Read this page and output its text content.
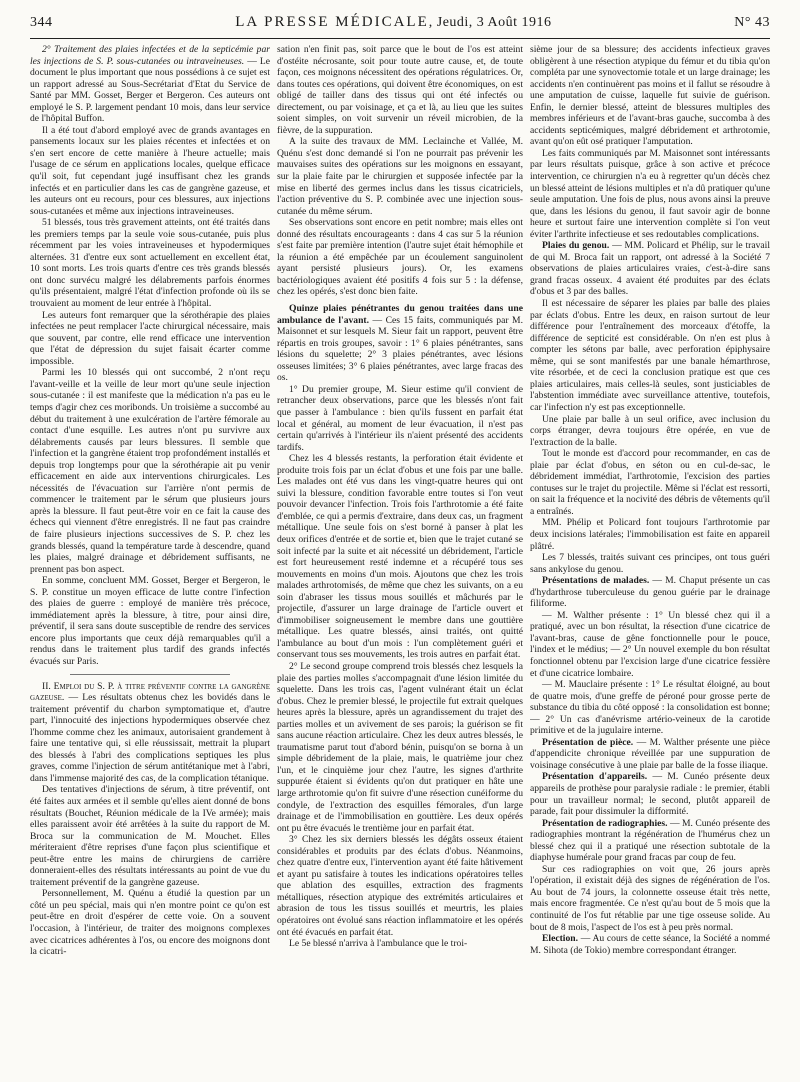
344	LA PRESSE MÉDICALE, Jeudi, 3 Août 1916	N° 43

2° Traitement des plaies infectées et de la septicémie par les injections de S. P. sous-cutanées ou intraveineuses. — Le document le plus important que nous possédions à ce sujet est un rapport adressé au Sous-Secrétariat d'Etat du Service de Santé par MM. Gosset, Berger et Bergeron. Ces auteurs ont employé le S. P. largement pendant 10 mois, dans leur service de l'hôpital Buffon.

Il a été tout d'abord employé avec de grands avantages en pansements locaux sur les plaies récentes et infectées et on s'en sert encore de cette manière à l'heure actuelle; mais l'usage de ce sérum en applications locales, quelque efficace qu'il soit, fut cependant jugé insuffisant chez les grands infectés et en particulier dans les cas de gangrène gazeuse, et les auteurs ont eu recours, pour ces blessures, aux injections sous-cutanées et même aux injections intraveineuses.

51 blessés, tous très gravement atteints, ont été traités dans les premiers temps par la seule voie sous-cutanée, puis plus récemment par les voies intraveineuses et hypodermiques alternées. 31 d'entre eux sont actuellement en excellent état, 10 sont morts. Les trois quarts d'entre ces très grands blessés ont donc survécu malgré les délabrements parfois énormes qu'ils présentaient, malgré l'état d'infection profonde où ils se trouvaient au moment de leur entrée à l'hôpital.

Les auteurs font remarquer que la sérothérapie des plaies infectées ne peut remplacer l'acte chirurgical nécessaire, mais que souvent, par contre, elle rend efficace une intervention que l'état de dépression du sujet faisait écarter comme impossible.

Parmi les 10 blessés qui ont succombé, 2 n'ont reçu l'avant-veille et la veille de leur mort qu'une seule injection sous-cutanée : il est manifeste que la médication n'a pas eu le temps d'agir chez ces moribonds. Un troisième a succombé au début du traitement à une exulcération de l'artère fémorale au contact d'une esquille. Les autres n'ont pu survivre aux délabrements causés par leurs blessures. Il semble que l'infection et la gangrène étaient trop profondément installés et depuis trop longtemps pour que la sérothérapie ait pu venir efficacement en aide aux interventions chirurgicales. Les nécessités de l'évacuation sur l'arrière n'ont permis de commencer le traitement par le sérum que plusieurs jours après la blessure. Il faut peut-être voir en ce fait la cause des échecs qui viennent d'être enregistrés. Il ne faut pas craindre de faire plusieurs injections successives de S. P. chez les grands blessés, quand la température tarde à descendre, quand les plaies, malgré drainage et débridement suffisants, ne prennent pas bon aspect.

En somme, concluent MM. Gosset, Berger et Bergeron, le S. P. constitue un moyen efficace de lutte contre l'infection des plaies de guerre : employé de manière très précoce, immédiatement après la blessure, à titre, pour ainsi dire, préventif, il sera sans doute susceptible de rendre des services encore plus importants que ceux déjà remarquables qu'il a rendus dans le traitement plus tardif des grands infectés évacués sur Paris.

II. Emploi du S. P. à titre préventif contre la gangrène gazeuse. — Les résultats obtenus chez les bovidés dans le traitement préventif du charbon symptomatique et, d'autre part, l'innocuité des injections hypodermiques observée chez l'homme comme chez les animaux, autorisaient grandement à faire une tentative qui, si elle réussissait, mettrait la plupart des blessés à l'abri des complications septiques les plus graves, comme l'injection de sérum antitétanique met à l'abri, dans l'immense majorité des cas, de la complication tétanique.

Des tentatives d'injections de sérum, à titre préventif, ont été faites aux armées et il semble qu'elles aient donné de bons résultats (Bouchet, Réunion médicale de la IVe armée); mais elles paraissent avoir été arrêtées à la suite du rapport de M. Broca sur la communication de M. Mouchet. Elles mériteraient d'être reprises d'une façon plus scientifique et peut-être entre les mains de chirurgiens de carrière donneraient-elles des résultats intéressants au point de vue du traitement préventif de la gangrène gazeuse.

Personnellement, M. Quénu a étudié la question par un côté un peu spécial, mais qui n'en montre point ce qu'on est peut-être en droit d'espérer de cette voie. On a souvent l'occasion, à l'intérieur, de traiter des moignons complexes avec cicatrices adhérentes à l'os, ou encore des moignons dont la cicatri-

sation n'en finit pas, soit parce que le bout de l'os est atteint d'ostéite nécrosante, soit pour toute autre cause, et, de toute façon, ces moignons nécessitent des opérations régulatrices. Or, dans toutes ces opérations, qui doivent être économiques, on est obligé de tailler dans des tissus qui ont été infectés ou directement, ou par voisinage, et ça et là, au lieu que les suites soient simples, on voit survenir un réveil microbien, de la fièvre, de la suppuration.

A la suite des travaux de MM. Leclainche et Vallée, M. Quénu s'est donc demandé si l'on ne pourrait pas prévenir les mauvaises suites des opérations sur les moignons en essayant, sur la plaie faite par le chirurgien et supposée infectée par la mise en liberté des germes inclus dans les tissus cicatriciels, l'action préventive du S. P. combinée avec une injection sous-cutanée du même sérum.

Ses observations sont encore en petit nombre; mais elles ont donné des résultats encourageants : dans 4 cas sur 5 la réunion s'est faite par première intention (l'autre sujet était hémophile et la réunion a été empêchée par un écoulement sanguinolent ayant persisté plusieurs jours). Or, les examens bactériologiques avaient été positifs 4 fois sur 5 : la défense, chez les opérés, s'est donc bien faite.

Quinze plaies pénétrantes du genou traitées dans une ambulance de l'avant. — Ces 15 faits, communiqués par M. Maisonnet et sur lesquels M. Sieur fait un rapport, peuvent être répartis en trois groupes, savoir : 1° 6 plaies pénétrantes, sans lésions du squelette; 2° 3 plaies pénétrantes, avec lésions osseuses limitées; 3° 6 plaies pénétrantes, avec large fracas des os.

1° Du premier groupe, M. Sieur estime qu'il convient de retrancher deux observations, parce que les blessés n'ont fait que passer à l'ambulance : bien qu'ils fussent en parfait état local et général, au moment de leur évacuation, il n'est pas certain qu'arrivés à l'intérieur ils n'aient présenté des accidents tardifs.

Chez les 4 blessés restants, la perforation était évidente et produite trois fois par un éclat d'obus et une fois par une balle. Les malades ont été vus dans les vingt-quatre heures qui ont suivi la blessure, condition favorable entre toutes si l'on veut pouvoir devancer l'infection. Trois fois l'arthrotomie a été faite d'emblée, ce qui a permis d'extraire, dans deux cas, un fragment métallique. Une seule fois on s'est borné à panser à plat les deux orifices d'entrée et de sortie et, bien que le trajet cutané se soit infecté par la suite et ait nécessité un débridement, l'article est fort heureusement resté indemne et a récupéré tous ses mouvements en moins d'un mois. Ajoutons que chez les trois malades arthrotomisés, de même que chez les suivants, on a eu soin d'abraser les tissus mous souillés et mâchurés par le projectile, d'assurer un large drainage de l'article ouvert et d'immobiliser soigneusement le membre dans une gouttière métallique. Les quatre blessés, ainsi traités, ont quitté l'ambulance au bout d'un mois : l'un complètement guéri et conservant tous ses mouvements, les trois autres en parfait état.

2° Le second groupe comprend trois blessés chez lesquels la plaie des parties molles s'accompagnait d'une lésion limitée du squelette. Dans les trois cas, l'agent vulnérant était un éclat d'obus. Chez le premier blessé, le projectile fut extrait quelques heures après la blessure, après un agrandissement du trajet des parties molles et un avivement de ses parois; la guérison se fit sans aucune réaction articulaire. Chez les deux autres blessés, le traumatisme parut tout d'abord bénin, puisqu'on se borna à un simple débridement de la plaie, mais, le quatrième jour chez l'un, et le cinquième jour chez l'autre, les signes d'arthrite suppurée étaient si évidents qu'on dut pratiquer en hâte une large arthrotomie qu'on fit suivre d'une résection cunéiforme du condyle, de l'extraction des esquilles fémorales, d'un large drainage et de l'immobilisation en gouttière. Les deux opérés ont pu être évacués le trentième jour en parfait état.

3° Chez les six derniers blessés les dégâts osseux étaient considérables et produits par des éclats d'obus. Néanmoins, chez quatre d'entre eux, l'intervention ayant été faite hâtivement et ayant pu satisfaire à toutes les indications opératoires telles que ablation des esquilles, extraction des fragments métalliques, résection atypique des extrémités articulaires et abrasion de tous les tissus souillés et meurtris, les plaies opératoires ont évolué sans réaction inflammatoire et les opérés ont été évacués en parfait état.

Le 5e blessé n'arriva à l'ambulance que le troi-

sième jour de sa blessure; des accidents infectieux graves obligèrent à une résection atypique du fémur et du tibia qu'on compléta par une synovectomie totale et un large drainage; les accidents n'en continuèrent pas moins et il fallut se résoudre à une amputation de cuisse, laquelle fut suivie de guérison. Enfin, le dernier blessé, atteint de blessures multiples des membres inférieurs et de l'avant-bras gauche, succomba à des accidents septicémiques, malgré débridement et arthrotomie, avant qu'on eût osé pratiquer l'amputation.

Les faits communiqués par M. Maisonnet sont intéressants par leurs résultats puisque, grâce à son active et précoce intervention, ce chirurgien n'a eu à regretter qu'un décès chez un blessé atteint de lésions multiples et n'a dû pratiquer qu'une seule amputation. Une fois de plus, nous avons ainsi la preuve que, dans les lésions du genou, il faut savoir agir de bonne heure et surtout faire une intervention complète si l'on veut éviter l'arthrite infectieuse et ses redoutables complications.

Plaies du genou. — MM. Policard et Phélip, sur le travail de qui M. Broca fait un rapport, ont adressé à la Société 7 observations de plaies articulaires vraies, c'est-à-dire sans grand fracas osseux. 4 avaient été produites par des éclats d'obus et 3 par des balles.

Il est nécessaire de séparer les plaies par balle des plaies par éclats d'obus. Entre les deux, en raison surtout de leur différence pour l'entraînement des morceaux d'étoffe, la différence de septicité est considérable. On n'en est plus à compter les sétons par balle, avec perforation épiphysaire même, qui se sont manifestés par une banale hémarthrose, vite résorbée, et de ceci la conclusion pratique est que ces plaies articulaires, mais celles-là seules, sont justiciables de l'abstention immédiate avec surveillance attentive, toutefois, car l'infection n'y est pas exceptionnelle.

Une plaie par balle à un seul orifice, avec inclusion du corps étranger, devra toujours être opérée, en vue de l'extraction de la balle.

Tout le monde est d'accord pour recommander, en cas de plaie par éclat d'obus, en séton ou en cul-de-sac, le débridement immédiat, l'arthrotomie, l'excision des parties contuses sur le trajet du projectile. Même si l'éclat est ressorti, on sait la fréquence et la nocivité des débris de vêtements qu'il a entraînés.

MM. Phélip et Policard font toujours l'arthrotomie par deux incisions latérales; l'immobilisation est faite en appareil plâtré.

Les 7 blessés, traités suivant ces principes, ont tous guéri sans ankylose du genou.

Présentations de malades. — M. Chaput présente un cas d'hydarthrose tuberculeuse du genou guérie par le drainage filiforme.

— M. Walther présente : 1° Un blessé chez qui il a pratiqué, avec un bon résultat, la résection d'une cicatrice de l'avant-bras, cause de gêne fonctionnelle pour le pouce, l'index et le médius; — 2° Un nouvel exemple du bon résultat fonctionnel obtenu par l'excision large d'une cicatrice fessière et d'une cicatrice lombaire.

— M. Mauclaire présente : 1° Le résultat éloigné, au bout de quatre mois, d'une greffe de péroné pour grosse perte de substance du tibia du côté opposé : la consolidation est bonne; — 2° Un cas d'anévrisme artério-veineux de la carotide primitive et de la jugulaire interne.

Présentation de pièce. — M. Walther présente une pièce d'appendicite chronique réveillée par une suppuration de voisinage consécutive à une plaie par balle de la fosse iliaque.

Présentation d'appareils. — M. Cunéo présente deux appareils de prothèse pour paralysie radiale : le premier, établi pour un travailleur normal; le second, plutôt appareil de parade, fait pour dissimuler la difformité.

Présentation de radiographies. — M. Cunéo présente des radiographies montrant la régénération de l'humérus chez un blessé chez qui il a pratiqué une résection subtotale de la diaphyse humérale pour grand fracas par coup de feu.

Sur ces radiographies on voit que, 26 jours après l'opération, il existait déjà des signes de régénération de l'os. Au bout de 74 jours, la colonnette osseuse était très nette, mais encore fragmentée. Ce n'est qu'au bout de 5 mois que la continuité de l'os fut rétablie par une tige osseuse solide. Au bout de 8 mois, l'aspect de l'os est à peu près normal.

Election. — Au cours de cette séance, la Société a nommé M. Sihota (de Tokio) membre correspondant étranger.
